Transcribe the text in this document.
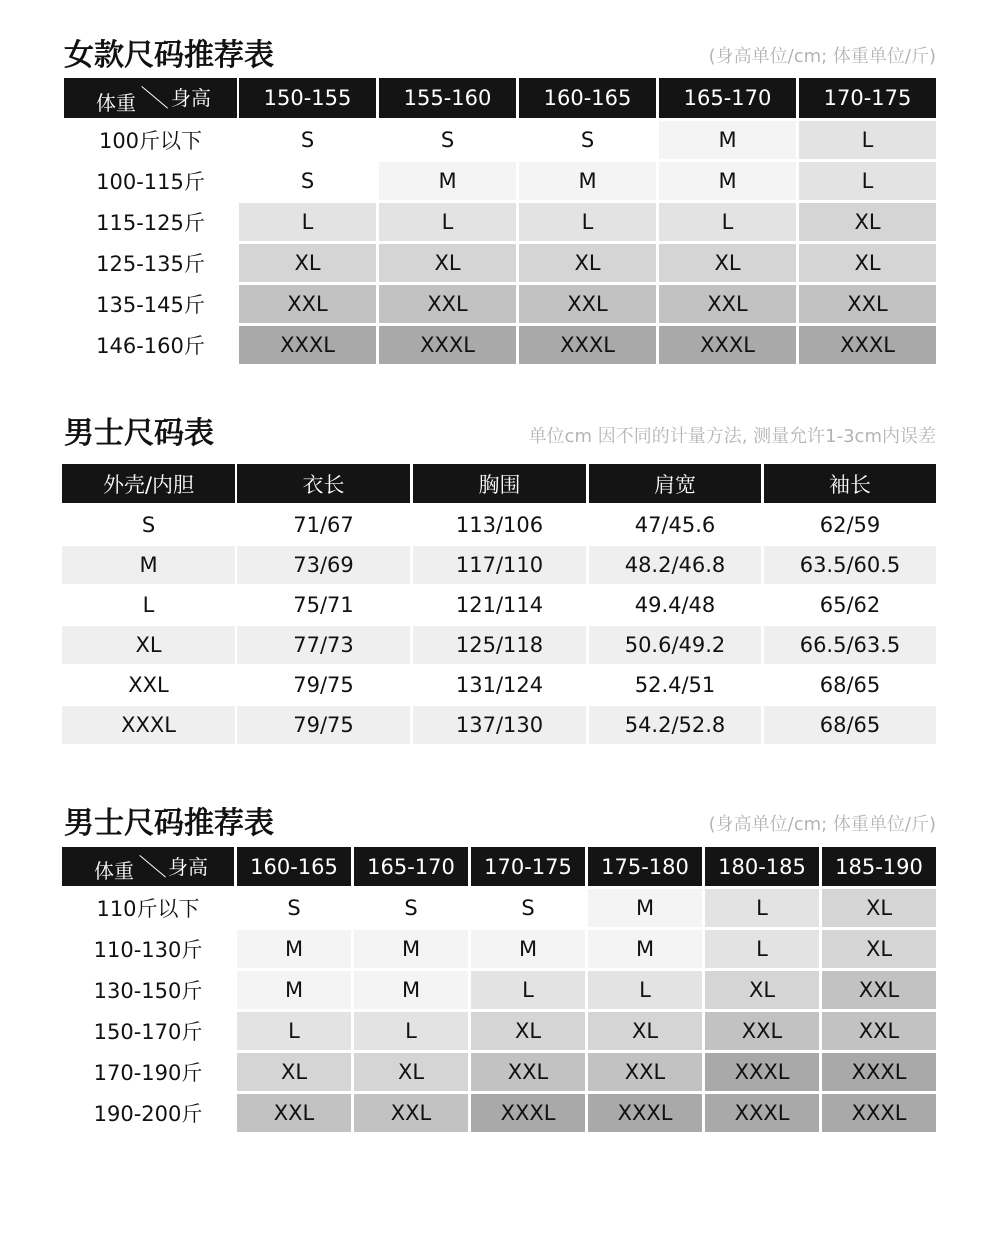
女款尺码推荐表	(身高单位/cm; 体重单位/斤)
体重 身高	150-155	155-160	160-165	165-170	170-175
100斤以下	S	S	S	M	L
100-115斤	S	M	M	M	L
115-125斤	L	L	L	L	XL
125-135斤	XL	XL	XL	XL	XL
135-145斤	XXL	XXL	XXL	XXL	XXL
146-160斤	XXXL	XXXL	XXXL	XXXL	XXXL
男士尺码表	单位cm 因不同的计量方法, 测量允许1-3cm内误差
外壳/内胆	衣长	胸围	肩宽	袖长
S	71/67	113/106	47/45.6	62/59
M	73/69	117/110	48.2/46.8	63.5/60.5
L	75/71	121/114	49.4/48	65/62
XL	77/73	125/118	50.6/49.2	66.5/63.5
XXL	79/75	131/124	52.4/51	68/65
XXXL	79/75	137/130	54.2/52.8	68/65
男士尺码推荐表	(身高单位/cm; 体重单位/斤)
体重 身高	160-165	165-170	170-175	175-180	180-185	185-190
110斤以下	S	S	S	M	L	XL
110-130斤	M	M	M	M	L	XL
130-150斤	M	M	L	L	XL	XXL
150-170斤	L	L	XL	XL	XXL	XXL
170-190斤	XL	XL	XXL	XXL	XXXL	XXXL
190-200斤	XXL	XXL	XXXL	XXXL	XXXL	XXXL
